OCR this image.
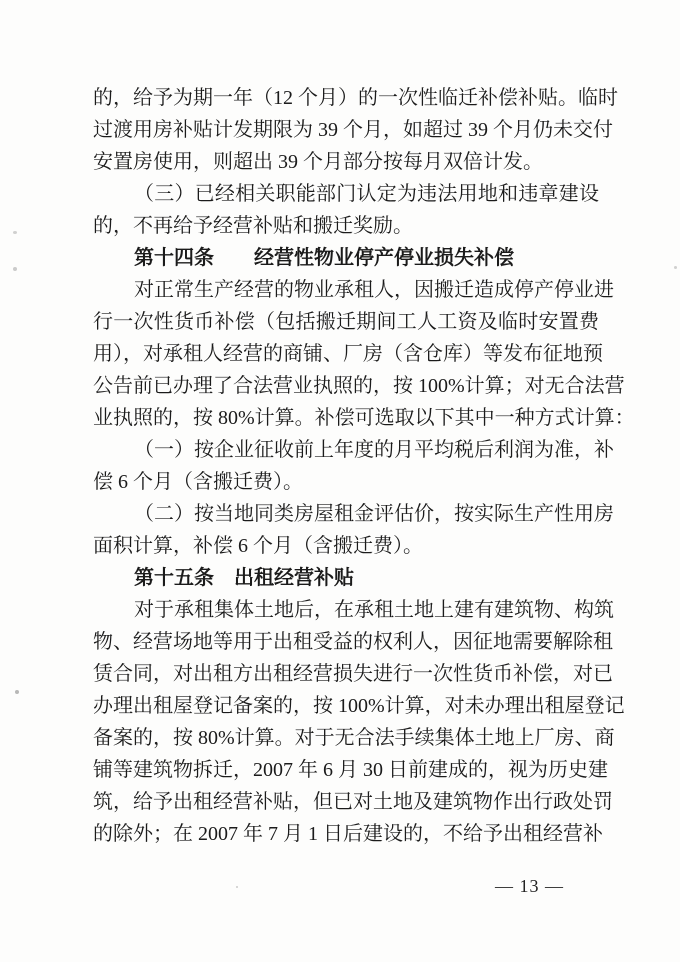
的，给予为期一年（12 个月）的一次性临迁补偿补贴。临时
过渡用房补贴计发期限为 39 个月，如超过 39 个月仍未交付
安置房使用，则超出 39 个月部分按每月双倍计发。
（三）已经相关职能部门认定为违法用地和违章建设
的，不再给予经营补贴和搬迁奖励。
第十四条　　经营性物业停产停业损失补偿
对正常生产经营的物业承租人，因搬迁造成停产停业进
行一次性货币补偿（包括搬迁期间工人工资及临时安置费
用），对承租人经营的商铺、厂房（含仓库）等发布征地预
公告前已办理了合法营业执照的，按 100%计算；对无合法营
业执照的，按 80%计算。补偿可选取以下其中一种方式计算：
（一）按企业征收前上年度的月平均税后利润为准，补
偿 6 个月（含搬迁费）。
（二）按当地同类房屋租金评估价，按实际生产性用房
面积计算，补偿 6 个月（含搬迁费）。
第十五条　出租经营补贴
对于承租集体土地后，在承租土地上建有建筑物、构筑
物、经营场地等用于出租受益的权利人，因征地需要解除租
赁合同，对出租方出租经营损失进行一次性货币补偿，对已
办理出租屋登记备案的，按 100%计算，对未办理出租屋登记
备案的，按 80%计算。对于无合法手续集体土地上厂房、商
铺等建筑物拆迁，2007 年 6 月 30 日前建成的，视为历史建
筑，给予出租经营补贴，但已对土地及建筑物作出行政处罚
的除外；在 2007 年 7 月 1 日后建设的，不给予出租经营补
— 13 —
